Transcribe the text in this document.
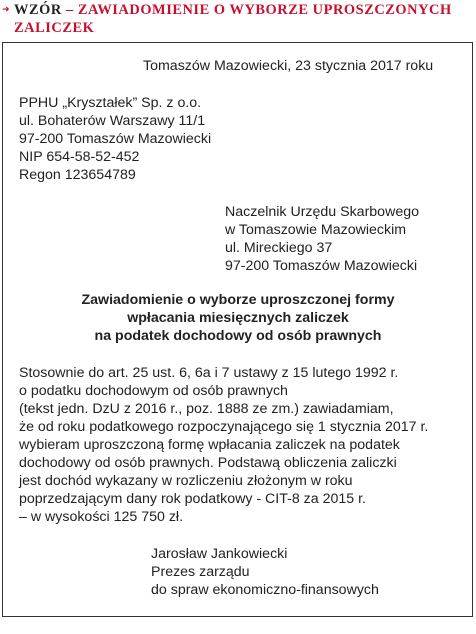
➜ WZÓR – ZAWIADOMIENIE O WYBORZE UPROSZCZONYCH
ZALICZEK
Tomaszów Mazowiecki, 23 stycznia 2017 roku
PPHU „Kryształek” Sp. z o.o.
ul. Bohaterów Warszawy 11/1
97-200 Tomaszów Mazowiecki
NIP 654-58-52-452
Regon 123654789
Naczelnik Urzędu Skarbowego
w Tomaszowie Mazowieckim
ul. Mireckiego 37
97-200 Tomaszów Mazowiecki
Zawiadomienie o wyborze uproszczonej formy
wpłacania miesięcznych zaliczek
na podatek dochodowy od osób prawnych
Stosownie do art. 25 ust. 6, 6a i 7 ustawy z 15 lutego 1992 r.
o podatku dochodowym od osób prawnych
(tekst jedn. DzU z 2016 r., poz. 1888 ze zm.) zawiadamiam,
że od roku podatkowego rozpoczynającego się 1 stycznia 2017 r.
wybieram uproszczoną formę wpłacania zaliczek na podatek
dochodowy od osób prawnych. Podstawą obliczenia zaliczki
jest dochód wykazany w rozliczeniu złożonym w roku
poprzedzającym dany rok podatkowy - CIT-8 za 2015 r.
– w wysokości 125 750 zł.
Jarosław Jankowiecki
Prezes zarządu
do spraw ekonomiczno-finansowych
